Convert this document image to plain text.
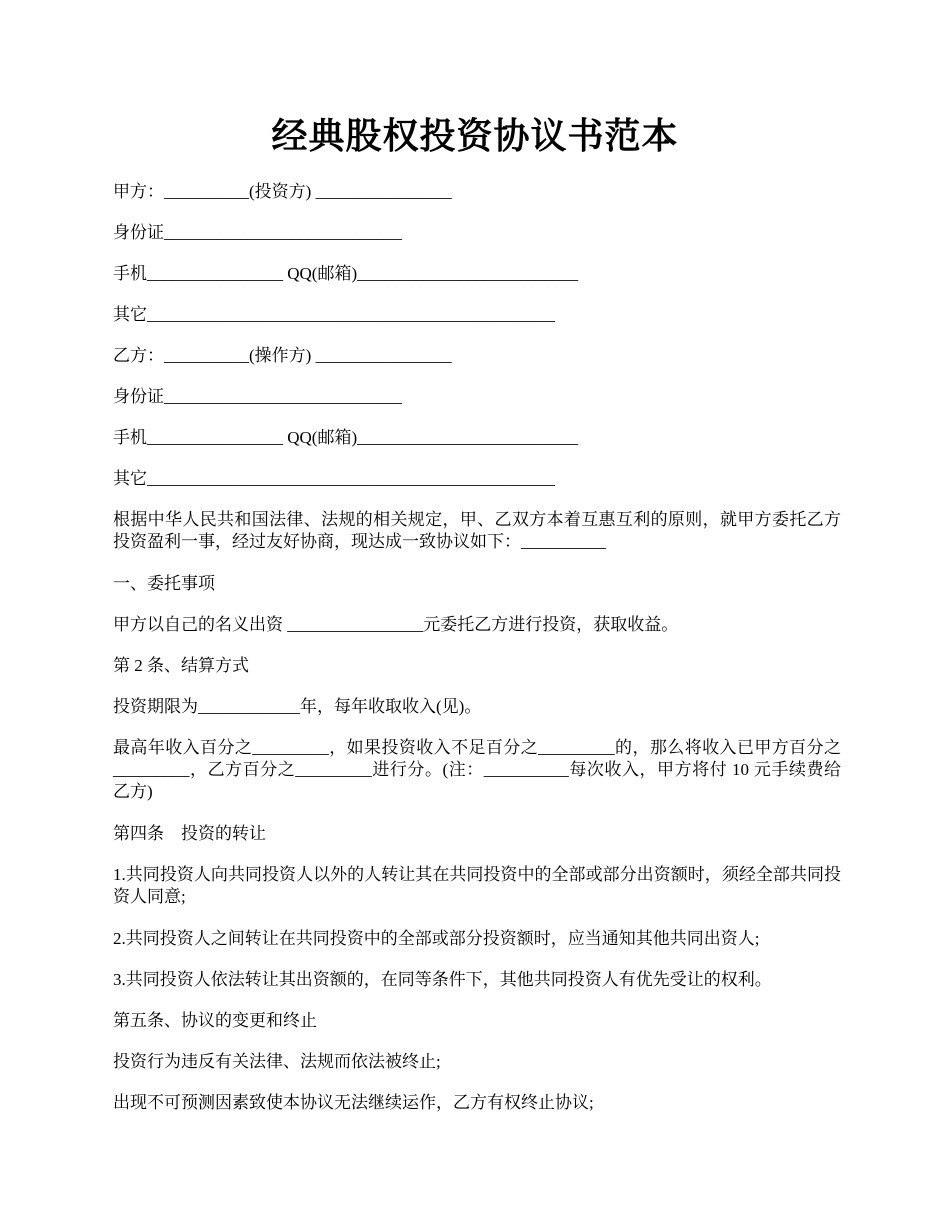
经典股权投资协议书范本
甲方：__________(投资方) ________________
身份证____________________________
手机________________ QQ(邮箱)__________________________
其它________________________________________________
乙方：__________(操作方) ________________
身份证____________________________
手机________________ QQ(邮箱)__________________________
其它________________________________________________
根据中华人民共和国法律、法规的相关规定，甲、乙双方本着互惠互利的原则，就甲方委托乙方投资盈利一事，经过友好协商，现达成一致协议如下：__________
一、委托事项
甲方以自己的名义出资 ________________元委托乙方进行投资，获取收益。
第 2 条、结算方式
投资期限为____________年，每年收取收入(见)。
最高年收入百分之_________，如果投资收入不足百分之_________的，那么将收入已甲方百分之_________，乙方百分之_________进行分。(注：__________每次收入，甲方将付 10 元手续费给乙方)
第四条　投资的转让
1.共同投资人向共同投资人以外的人转让其在共同投资中的全部或部分出资额时，须经全部共同投资人同意;
2.共同投资人之间转让在共同投资中的全部或部分投资额时，应当通知其他共同出资人;
3.共同投资人依法转让其出资额的，在同等条件下，其他共同投资人有优先受让的权利。
第五条、协议的变更和终止
投资行为违反有关法律、法规而依法被终止;
出现不可预测因素致使本协议无法继续运作，乙方有权终止协议;
